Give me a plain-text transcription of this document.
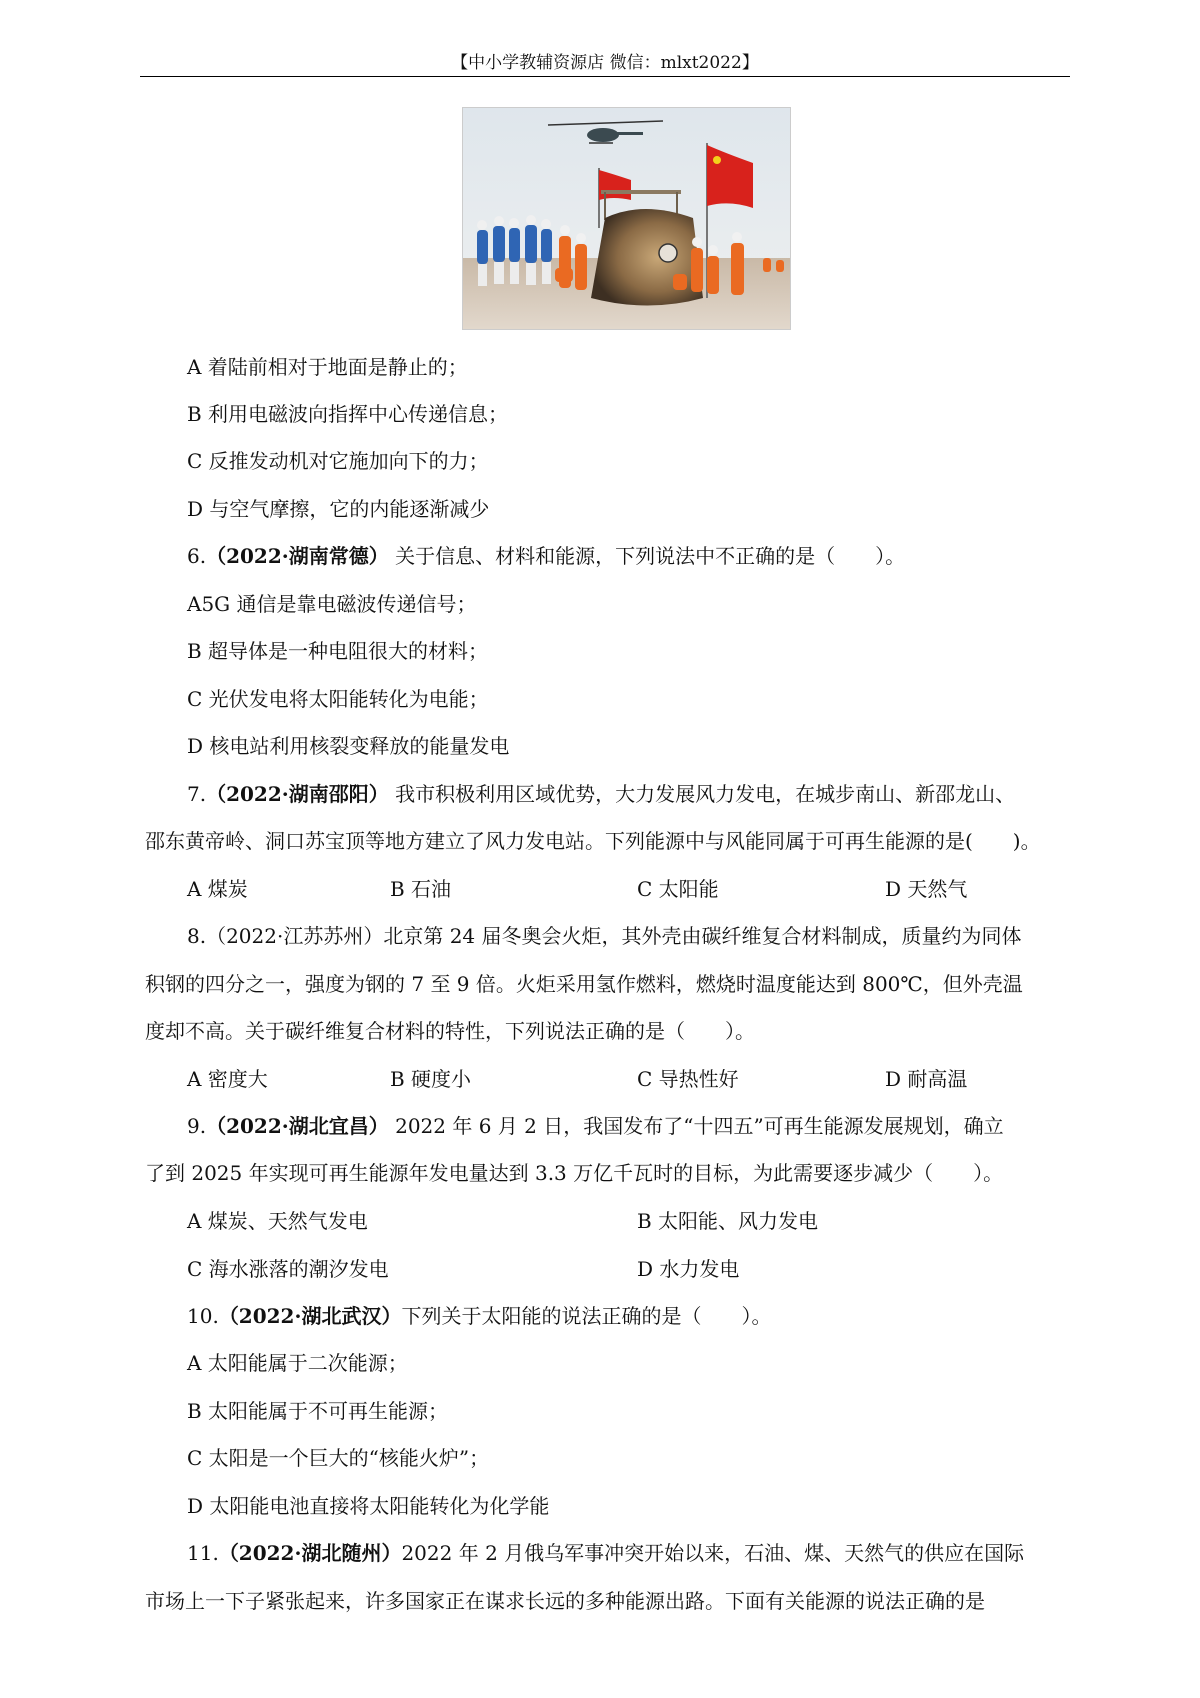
【中小学教辅资源店 微信：mlxt2022】
A 着陆前相对于地面是静止的；
B 利用电磁波向指挥中心传递信息；
C 反推发动机对它施加向下的力；
D 与空气摩擦，它的内能逐渐减少
6.（2022·湖南常德） 关于信息、材料和能源，下列说法中不正确的是（　　）。
A5G 通信是靠电磁波传递信号；
B 超导体是一种电阻很大的材料；
C 光伏发电将太阳能转化为电能；
D 核电站利用核裂变释放的能量发电
7.（2022·湖南邵阳） 我市积极利用区域优势，大力发展风力发电，在城步南山、新邵龙山、
邵东黄帝岭、洞口苏宝顶等地方建立了风力发电站。下列能源中与风能同属于可再生能源的是(　　)。
A 煤炭	B 石油	C 太阳能	D 天然气
8.（2022·江苏苏州）北京第 24 届冬奥会火炬，其外壳由碳纤维复合材料制成，质量约为同体
积钢的四分之一，强度为钢的 7 至 9 倍。火炬采用氢作燃料，燃烧时温度能达到 800℃，但外壳温
度却不高。关于碳纤维复合材料的特性，下列说法正确的是（　　）。
A 密度大	B 硬度小	C 导热性好	D 耐高温
9.（2022·湖北宜昌） 2022 年 6 月 2 日，我国发布了“十四五”可再生能源发展规划，确立
了到 2025 年实现可再生能源年发电量达到 3.3 万亿千瓦时的目标，为此需要逐步减少（　　）。
A 煤炭、天然气发电	B 太阳能、风力发电
C 海水涨落的潮汐发电	D 水力发电
10.（2022·湖北武汉）下列关于太阳能的说法正确的是（　　）。
A 太阳能属于二次能源；
B 太阳能属于不可再生能源；
C 太阳是一个巨大的“核能火炉”；
D 太阳能电池直接将太阳能转化为化学能
11.（2022·湖北随州）2022 年 2 月俄乌军事冲突开始以来，石油、煤、天然气的供应在国际
市场上一下子紧张起来，许多国家正在谋求长远的多种能源出路。下面有关能源的说法正确的是
